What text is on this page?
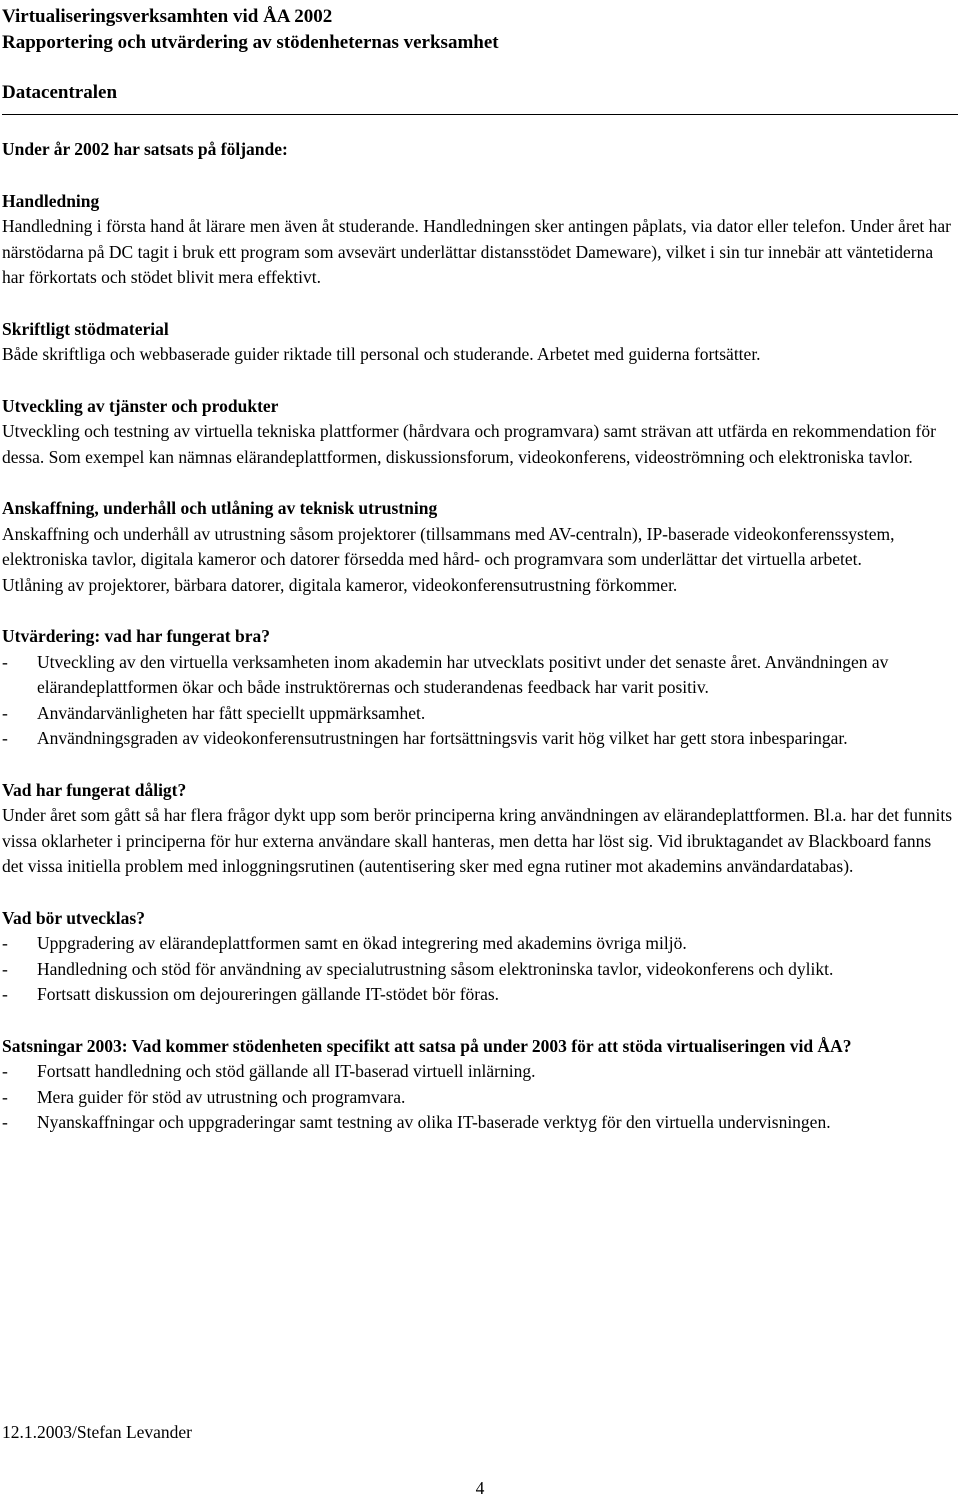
Virtualiseringsverksamhten vid ÅA 2002

Rapportering och utvärdering av stödenheternas verksamhet

Datacentralen

Under år 2002 har satsats på följande:

Handledning

Handledning i första hand åt lärare men även åt studerande. Handledningen sker antingen påplats, via dator eller telefon. Under året har närstödarna på DC tagit i bruk ett program som avsevärt underlättar distansstödet Dameware), vilket i sin tur innebär att väntetiderna har förkortats och stödet blivit mera effektivt.

Skriftligt stödmaterial

Både skriftliga och webbaserade guider riktade till personal och studerande. Arbetet med guiderna fortsätter.

Utveckling av tjänster och produkter

Utveckling och testning av virtuella tekniska plattformer (hårdvara och programvara) samt strävan att utfärda en rekommendation för dessa. Som exempel kan nämnas elärandeplattformen, diskussionsforum, videokonferens, videoströmning och elektroniska tavlor.

Anskaffning, underhåll och utlåning av teknisk utrustning

Anskaffning och underhåll av utrustning såsom projektorer (tillsammans med AV-centraln), IP-baserade videokonferenssystem, elektroniska tavlor, digitala kameror och datorer försedda med hård- och programvara som underlättar det virtuella arbetet.

Utlåning av projektorer, bärbara datorer, digitala kameror, videokonferensutrustning förkommer.

Utvärdering: vad har fungerat bra?

- Utveckling av den virtuella verksamheten inom akademin har utvecklats positivt under det senaste året. Användningen av elärandeplattformen ökar och både instruktörernas och studerandenas feedback har varit positiv.
- Användarvänligheten har fått speciellt uppmärksamhet.
- Användningsgraden av videokonferensutrustningen har fortsättningsvis varit hög vilket har gett stora inbesparingar.

Vad har fungerat dåligt?

Under året som gått så har flera frågor dykt upp som berör principerna kring användningen av elärandeplattformen. Bl.a. har det funnits vissa oklarheter i principerna för hur externa användare skall hanteras, men detta har löst sig. Vid ibruktagandet av Blackboard fanns det vissa initiella problem med inloggningsrutinen (autentisering sker med egna rutiner mot akademins användardatabas).

Vad bör utvecklas?

- Uppgradering av elärandeplattformen samt en ökad integrering med akademins övriga miljö.
- Handledning och stöd för användning av specialutrustning såsom elektroninska tavlor, videokonferens och dylikt.
- Fortsatt diskussion om dejoureringen gällande IT-stödet bör föras.

Satsningar 2003: Vad kommer stödenheten specifikt att satsa på under 2003 för att stöda virtualiseringen vid ÅA?

- Fortsatt handledning och stöd gällande all IT-baserad virtuell inlärning.
- Mera guider för stöd av utrustning och programvara.
- Nyanskaffningar och uppgraderingar samt testning av olika IT-baserade verktyg för den virtuella undervisningen.

12.1.2003/Stefan Levander

4
